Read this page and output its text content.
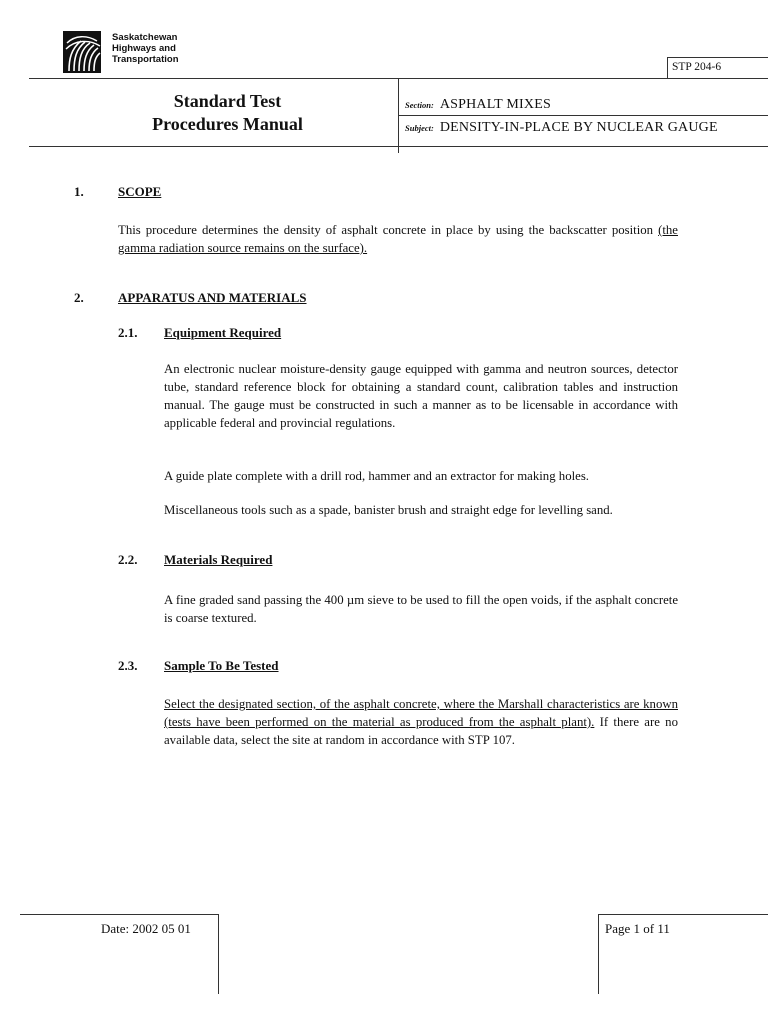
Saskatchewan
Highways and
Transportation
STP 204-6
Standard Test
Procedures Manual
Section: ASPHALT MIXES
Subject: DENSITY-IN-PLACE BY NUCLEAR GAUGE
1.	SCOPE
This procedure determines the density of asphalt concrete in place by using the backscatter position (the gamma radiation source remains on the surface).
2.	APPARATUS AND MATERIALS
2.1. Equipment Required
An electronic nuclear moisture-density gauge equipped with gamma and neutron sources, detector tube, standard reference block for obtaining a standard count, calibration tables and instruction manual. The gauge must be constructed in such a manner as to be licensable in accordance with applicable federal and provincial regulations.
A guide plate complete with a drill rod, hammer and an extractor for making holes.
Miscellaneous tools such as a spade, banister brush and straight edge for levelling sand.
2.2. Materials Required
A fine graded sand passing the 400 µm sieve to be used to fill the open voids, if the asphalt concrete is coarse textured.
2.3. Sample To Be Tested
Select the designated section, of the asphalt concrete, where the Marshall characteristics are known (tests have been performed on the material as produced from the asphalt plant). If there are no available data, select the site at random in accordance with STP 107.
Date: 2002 05 01	Page 1 of 11
